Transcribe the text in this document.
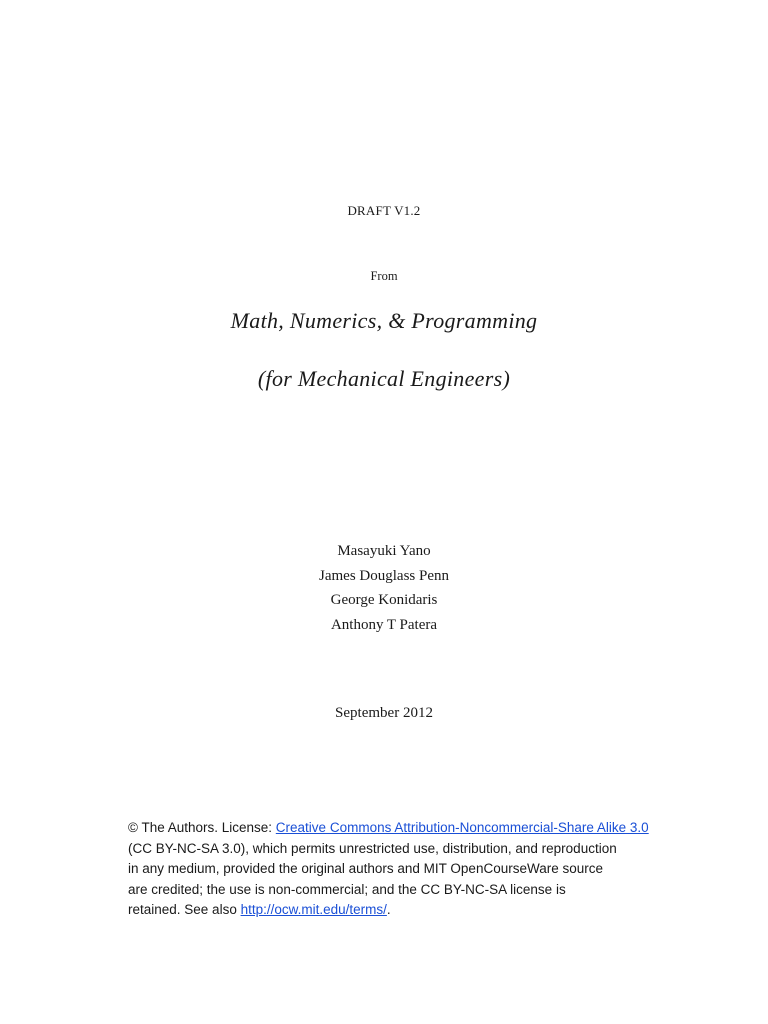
DRAFT V1.2
From
Math, Numerics, & Programming
(for Mechanical Engineers)
Masayuki Yano
James Douglass Penn
George Konidaris
Anthony T Patera
September 2012
© The Authors. License: Creative Commons Attribution-Noncommercial-Share Alike 3.0
(CC BY-NC-SA 3.0), which permits unrestricted use, distribution, and reproduction
in any medium, provided the original authors and MIT OpenCourseWare source
are credited; the use is non-commercial; and the CC BY-NC-SA license is
retained. See also http://ocw.mit.edu/terms/.
